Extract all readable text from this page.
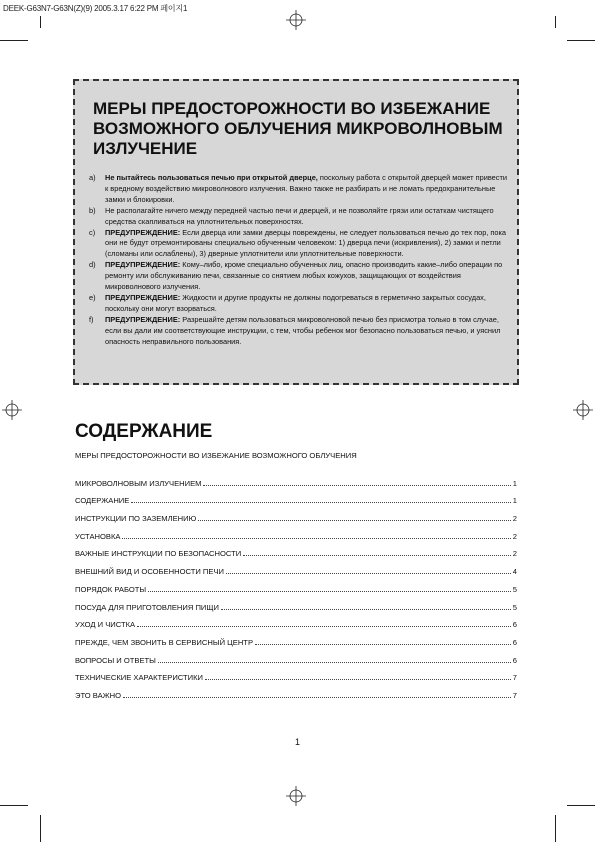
DEEK-G63N7-G63N(Z)(9) 2005.3.17 6:22 PM 페이지1
МЕРЫ ПРЕДОСТОРОЖНОСТИ ВО ИЗБЕЖАНИЕ ВОЗМОЖНОГО ОБЛУЧЕНИЯ МИКРОВОЛНОВЫМ ИЗЛУЧЕНИЕ

a) Не пытайтесь пользоваться печью при открытой дверце, поскольку работа с открытой дверцей может привести к вредному воздействию микроволнового излучения. Важно также не разбирать и не ломать предохранительные замки и блокировки.

b) Не располагайте ничего между передней частью печи и дверцей, и не позволяйте грязи или остаткам чистящего средства скапливаться на уплотнительных поверхностях.

c) ПРЕДУПРЕЖДЕНИЕ: Если дверца или замки дверцы повреждены, не следует пользоваться печью до тех пор, пока они не будут отремонтированы специально обученным человеком: 1) дверца печи (искривления), 2) замки и петли (сломаны или ослаблены), 3) дверные уплотнители или уплотнительные поверхности.

d) ПРЕДУПРЕЖДЕНИЕ: Кому–либо, кроме специально обученных лиц, опасно производить какие–либо операции по ремонту или обслуживанию печи, связанные со снятием любых кожухов, защищающих от воздействия микроволнового излучения.

e) ПРЕДУПРЕЖДЕНИЕ: Жидкости и другие продукты не должны подогреваться в герметично закрытых сосудах, поскольку они могут взорваться.

f) ПРЕДУПРЕЖДЕНИЕ: Разрешайте детям пользоваться микроволновой печью без присмотра только в том случае, если вы дали им соответствующие инструкции, с тем, чтобы ребенок мог безопасно пользоваться печью, и уяснил опасность неправильного пользования.

СОДЕРЖАНИЕ
МЕРЫ ПРЕДОСТОРОЖНОСТИ ВО ИЗБЕЖАНИЕ ВОЗМОЖНОГО ОБЛУЧЕНИЯ
МИКРОВОЛНОВЫМ ИЗЛУЧЕНИЕМ	1
СОДЕРЖАНИЕ	1
ИНСТРУКЦИИ ПО ЗАЗЕМЛЕНИЮ	2
УСТАНОВКА	2
ВАЖНЫЕ ИНСТРУКЦИИ ПО БЕЗОПАСНОСТИ	2
ВНЕШНИЙ ВИД И ОСОБЕННОСТИ ПЕЧИ	4
ПОРЯДОК РАБОТЫ	5
ПОСУДА ДЛЯ ПРИГОТОВЛЕНИЯ ПИЩИ	5
УХОД И ЧИСТКА	6
ПРЕЖДЕ, ЧЕМ ЗВОНИТЬ В СЕРВИСНЫЙ ЦЕНТР	6
ВОПРОСЫ И ОТВЕТЫ	6
ТЕХНИЧЕСКИЕ ХАРАКТЕРИСТИКИ	7
ЭТО ВАЖНО	7
1
